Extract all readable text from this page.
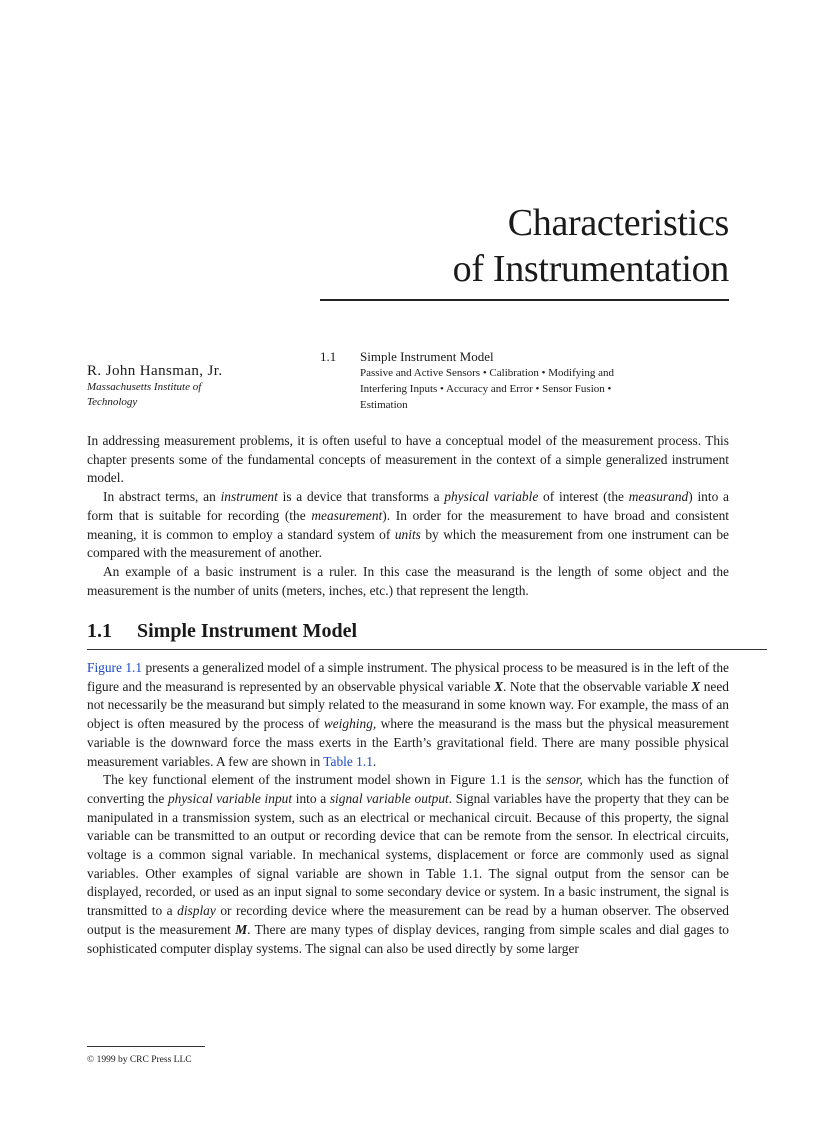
Characteristics
of Instrumentation
R. John Hansman, Jr.
Massachusetts Institute of
Technology
1.1	Simple Instrument Model
Passive and Active Sensors • Calibration • Modifying and
Interfering Inputs • Accuracy and Error • Sensor Fusion •
Estimation

In addressing measurement problems, it is often useful to have a conceptual model of the measurement process. This chapter presents some of the fundamental concepts of measurement in the context of a simple generalized instrument model.

In abstract terms, an instrument is a device that transforms a physical variable of interest (the measurand) into a form that is suitable for recording (the measurement). In order for the measurement to have broad and consistent meaning, it is common to employ a standard system of units by which the measurement from one instrument can be compared with the measurement of another.

An example of a basic instrument is a ruler. In this case the measurand is the length of some object and the measurement is the number of units (meters, inches, etc.) that represent the length.

1.1 Simple Instrument Model

Figure 1.1 presents a generalized model of a simple instrument. The physical process to be measured is in the left of the figure and the measurand is represented by an observable physical variable X. Note that the observable variable X need not necessarily be the measurand but simply related to the measurand in some known way. For example, the mass of an object is often measured by the process of weighing, where the measurand is the mass but the physical measurement variable is the downward force the mass exerts in the Earth’s gravitational field. There are many possible physical measurement variables. A few are shown in Table 1.1.

The key functional element of the instrument model shown in Figure 1.1 is the sensor, which has the function of converting the physical variable input into a signal variable output. Signal variables have the property that they can be manipulated in a transmission system, such as an electrical or mechanical circuit. Because of this property, the signal variable can be transmitted to an output or recording device that can be remote from the sensor. In electrical circuits, voltage is a common signal variable. In mechanical systems, displacement or force are commonly used as signal variables. Other examples of signal variable are shown in Table 1.1. The signal output from the sensor can be displayed, recorded, or used as an input signal to some secondary device or system. In a basic instrument, the signal is transmitted to a display or recording device where the measurement can be read by a human observer. The observed output is the measurement M. There are many types of display devices, ranging from simple scales and dial gages to sophisticated computer display systems. The signal can also be used directly by some larger

© 1999 by CRC Press LLC
